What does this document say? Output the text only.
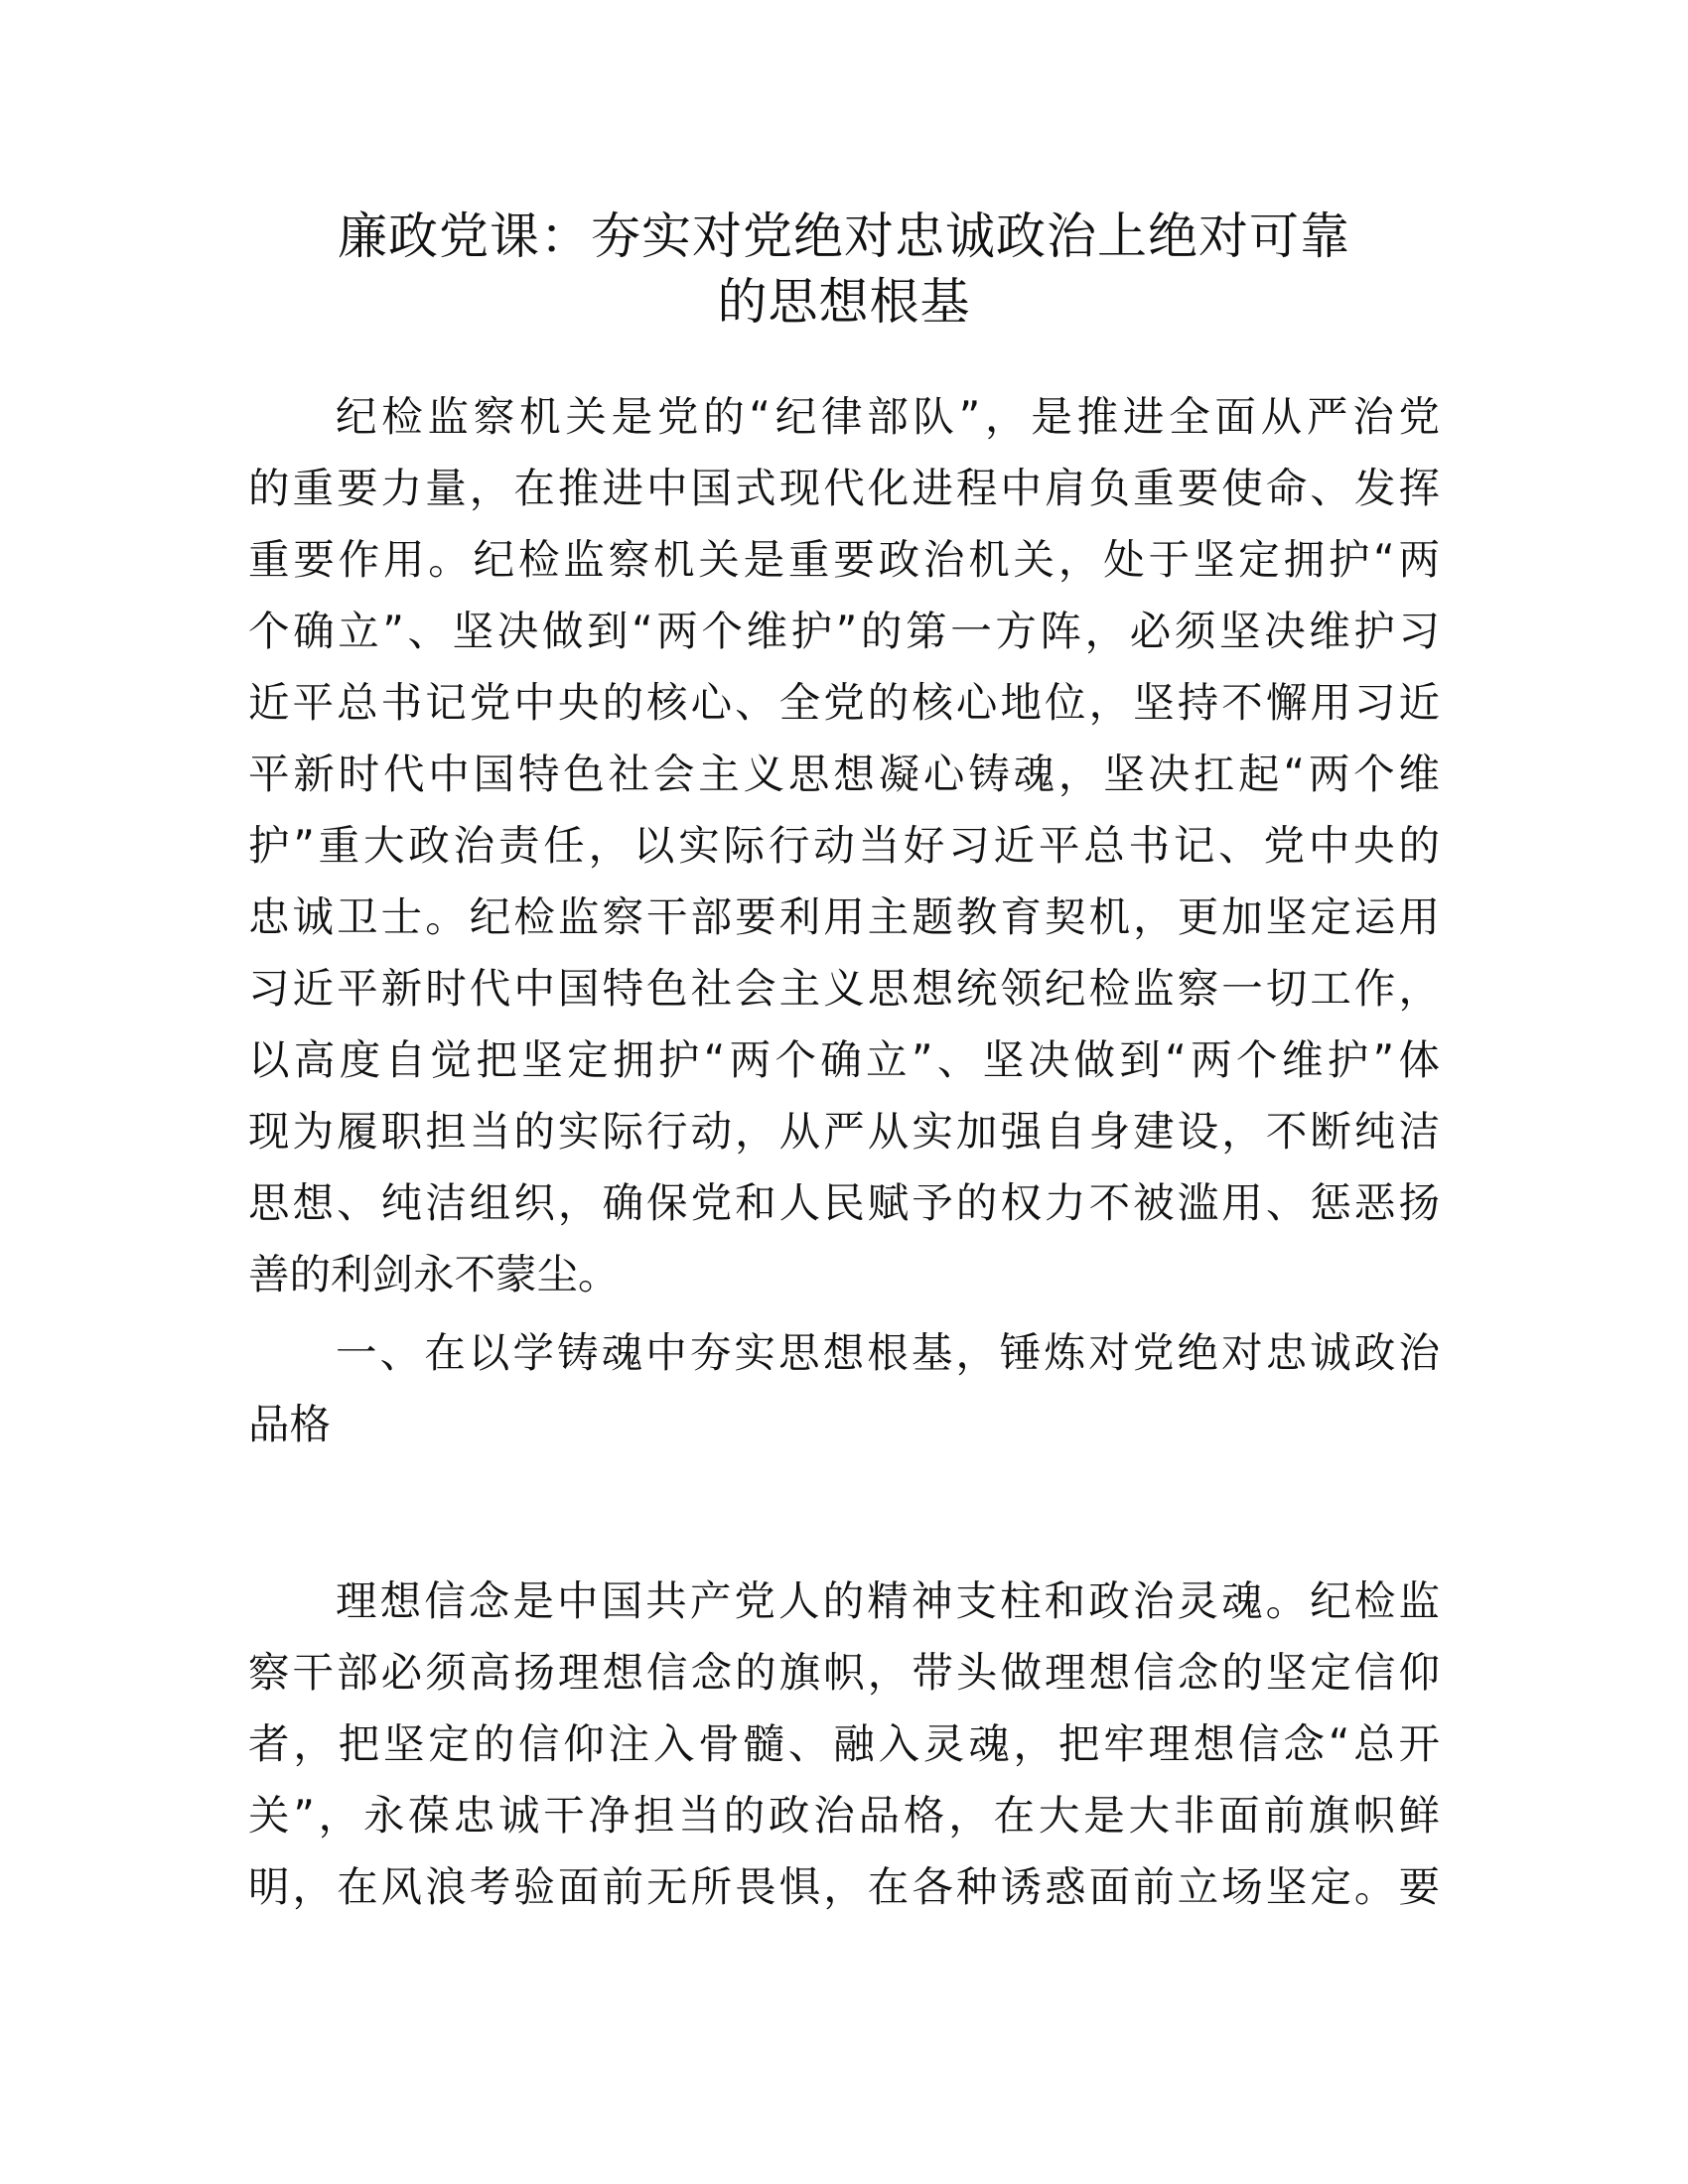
廉政党课：夯实对党绝对忠诚政治上绝对可靠
的思想根基
纪检监察机关是党的“纪律部队”，是推进全面从严治党
的重要力量，在推进中国式现代化进程中肩负重要使命、发挥
重要作用。纪检监察机关是重要政治机关，处于坚定拥护“两
个确立”、坚决做到“两个维护”的第一方阵，必须坚决维护习
近平总书记党中央的核心、全党的核心地位，坚持不懈用习近
平新时代中国特色社会主义思想凝心铸魂，坚决扛起“两个维
护”重大政治责任，以实际行动当好习近平总书记、党中央的
忠诚卫士。纪检监察干部要利用主题教育契机，更加坚定运用
习近平新时代中国特色社会主义思想统领纪检监察一切工作，
以高度自觉把坚定拥护“两个确立”、坚决做到“两个维护”体
现为履职担当的实际行动，从严从实加强自身建设，不断纯洁
思想、纯洁组织，确保党和人民赋予的权力不被滥用、惩恶扬
善的利剑永不蒙尘。
一、在以学铸魂中夯实思想根基，锤炼对党绝对忠诚政治
品格
理想信念是中国共产党人的精神支柱和政治灵魂。纪检监
察干部必须高扬理想信念的旗帜，带头做理想信念的坚定信仰
者，把坚定的信仰注入骨髓、融入灵魂，把牢理想信念“总开
关”，永葆忠诚干净担当的政治品格，在大是大非面前旗帜鲜
明，在风浪考验面前无所畏惧，在各种诱惑面前立场坚定。要
